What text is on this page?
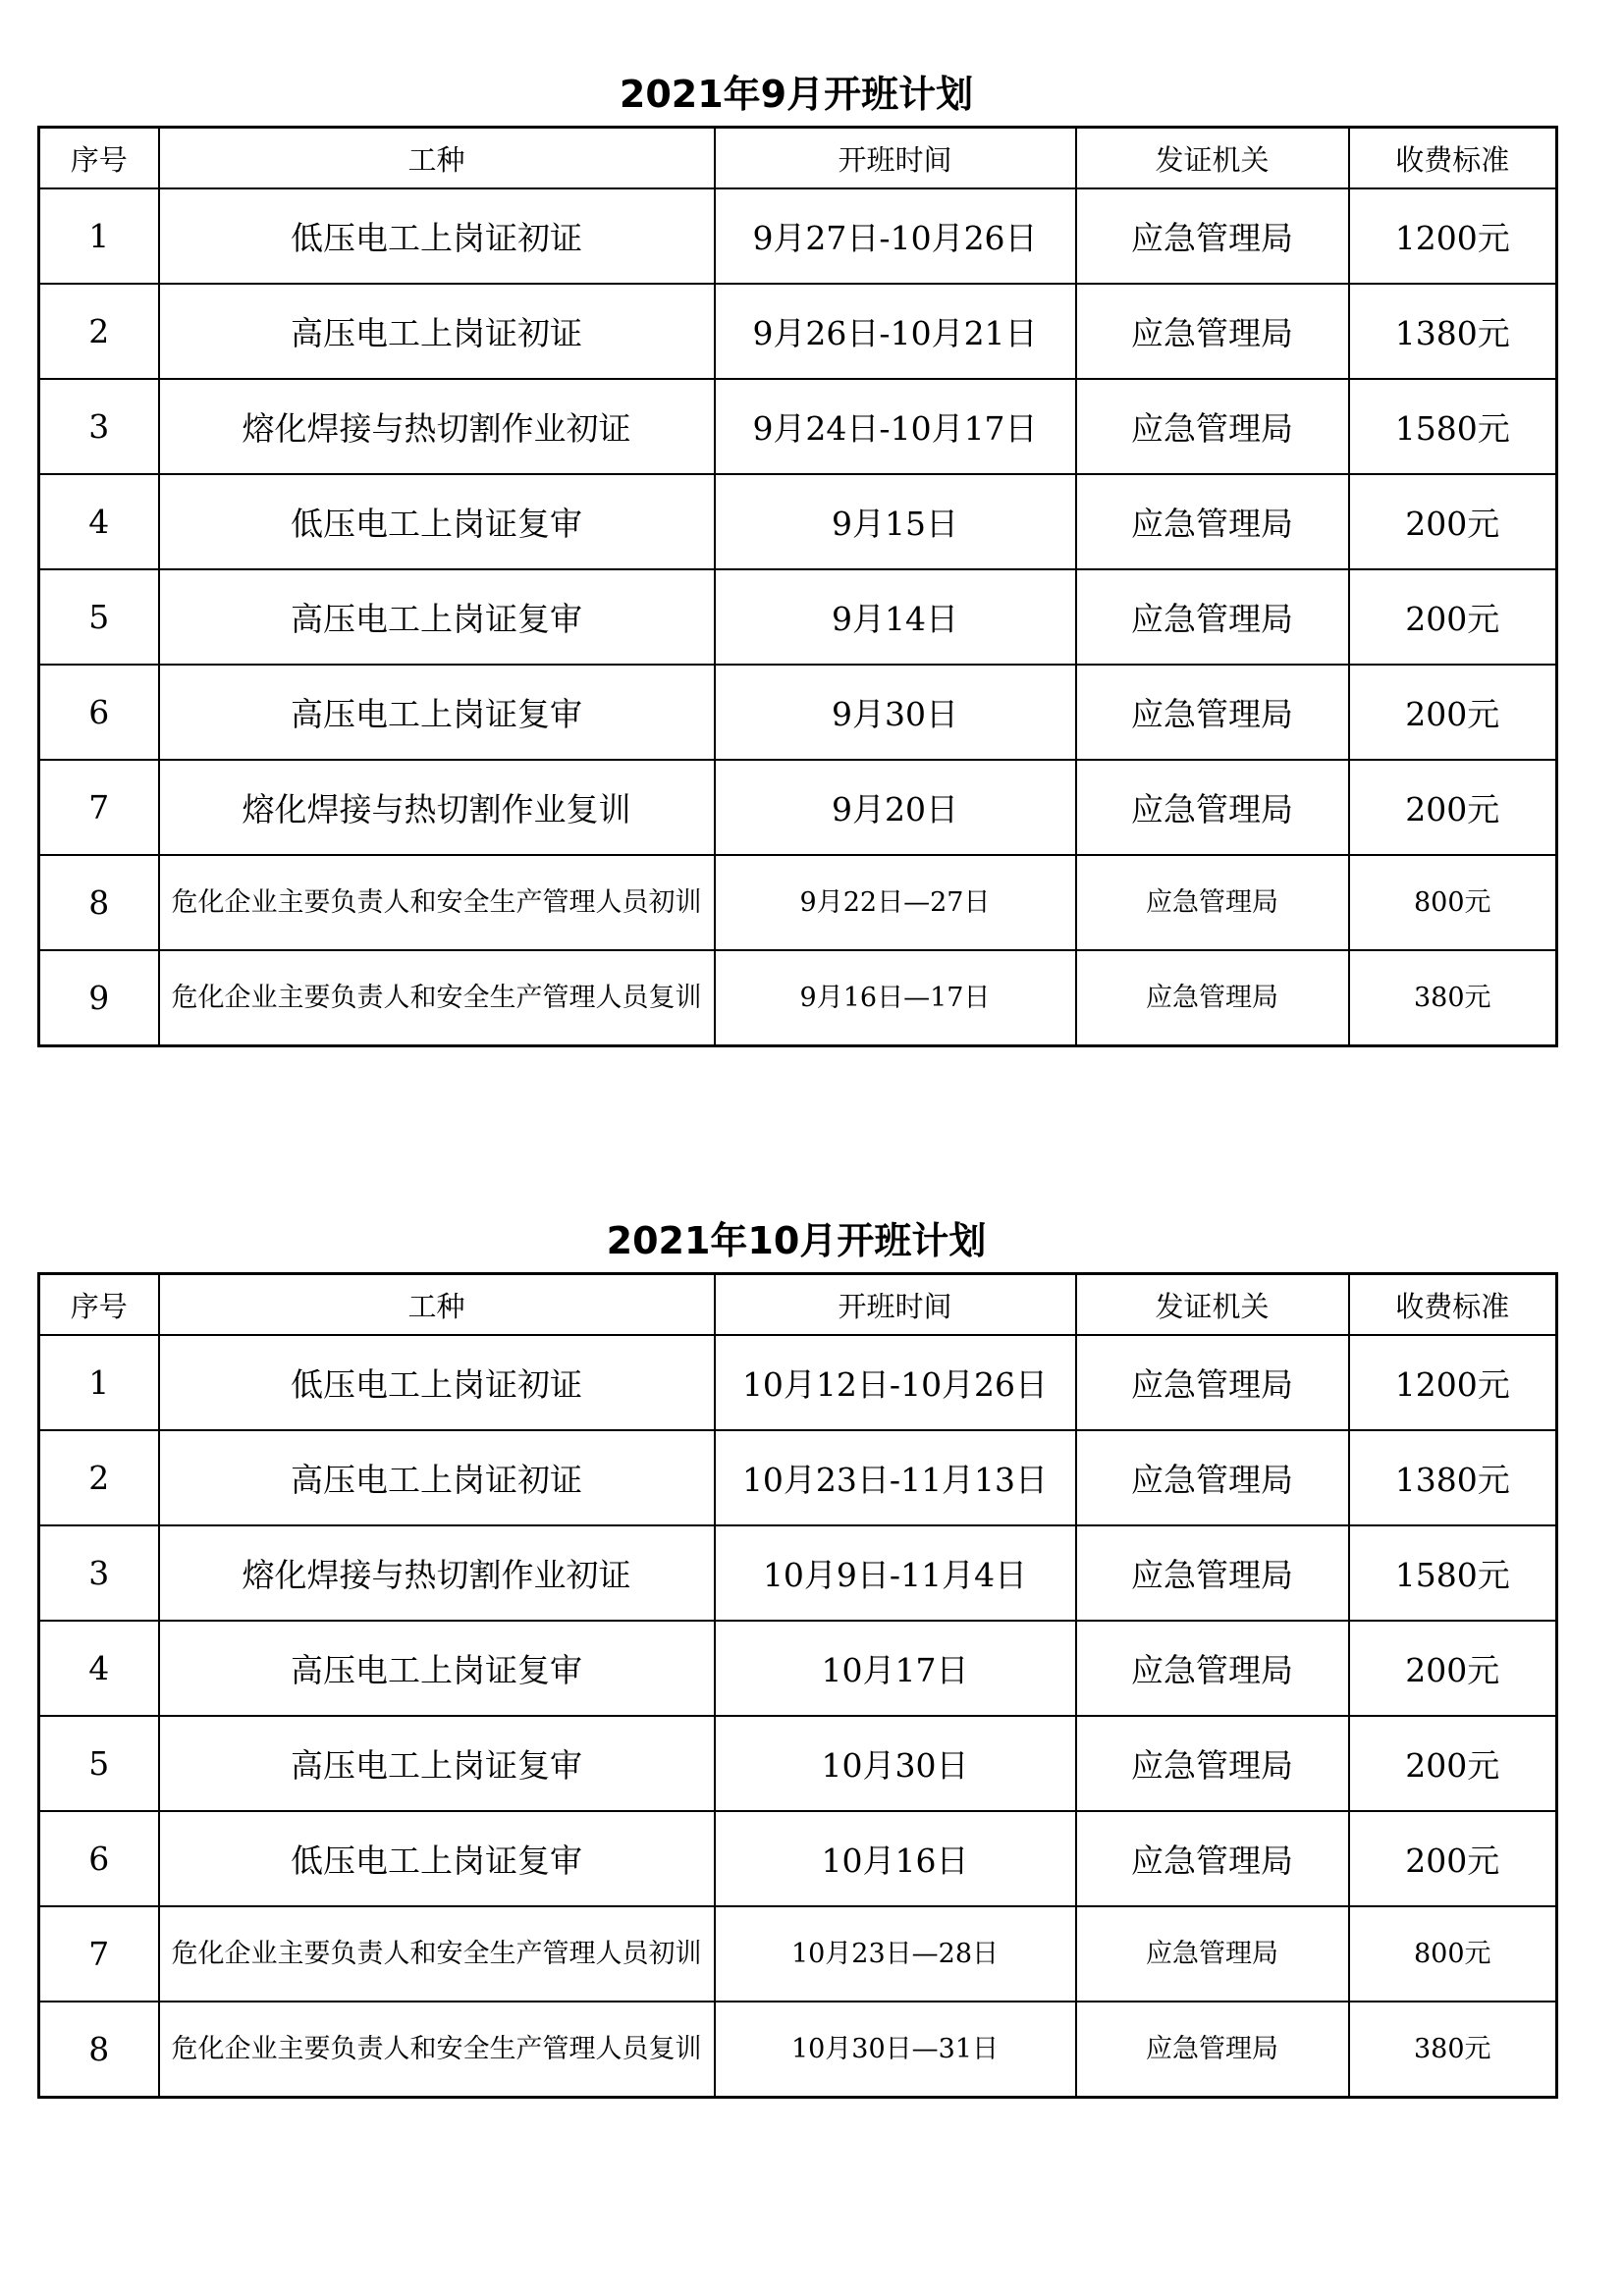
2021年9月开班计划
序号	工种	开班时间	发证机关	收费标准
1	低压电工上岗证初证	9月27日-10月26日	应急管理局	1200元
2	高压电工上岗证初证	9月26日-10月21日	应急管理局	1380元
3	熔化焊接与热切割作业初证	9月24日-10月17日	应急管理局	1580元
4	低压电工上岗证复审	9月15日	应急管理局	200元
5	高压电工上岗证复审	9月14日	应急管理局	200元
6	高压电工上岗证复审	9月30日	应急管理局	200元
7	熔化焊接与热切割作业复训	9月20日	应急管理局	200元
8	危化企业主要负责人和安全生产管理人员初训	9月22日—27日	应急管理局	800元
9	危化企业主要负责人和安全生产管理人员复训	9月16日—17日	应急管理局	380元
2021年10月开班计划
序号	工种	开班时间	发证机关	收费标准
1	低压电工上岗证初证	10月12日-10月26日	应急管理局	1200元
2	高压电工上岗证初证	10月23日-11月13日	应急管理局	1380元
3	熔化焊接与热切割作业初证	10月9日-11月4日	应急管理局	1580元
4	高压电工上岗证复审	10月17日	应急管理局	200元
5	高压电工上岗证复审	10月30日	应急管理局	200元
6	低压电工上岗证复审	10月16日	应急管理局	200元
7	危化企业主要负责人和安全生产管理人员初训	10月23日—28日	应急管理局	800元
8	危化企业主要负责人和安全生产管理人员复训	10月30日—31日	应急管理局	380元
